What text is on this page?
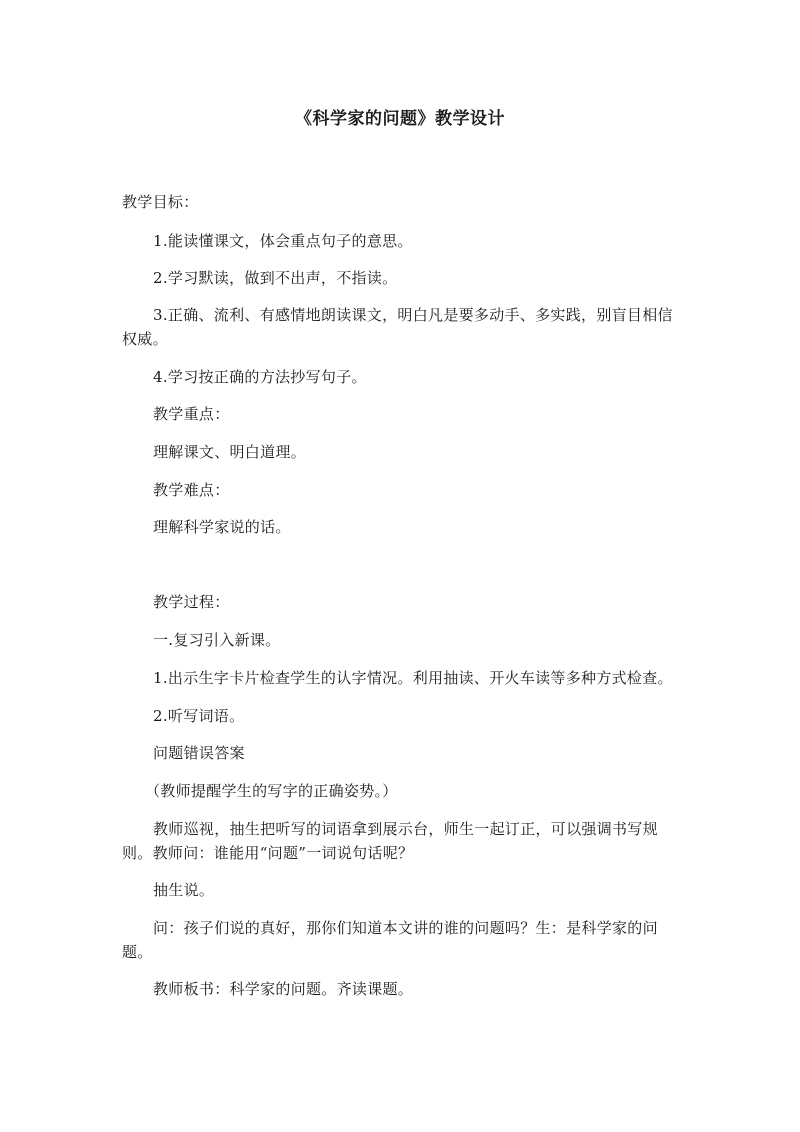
《科学家的问题》教学设计

教学目标：

1.能读懂课文，体会重点句子的意思。

2.学习默读，做到不出声，不指读。

3.正确、流利、有感情地朗读课文，明白凡是要多动手、多实践，别盲目相信权威。

4.学习按正确的方法抄写句子。

教学重点：

理解课文、明白道理。

教学难点：

理解科学家说的话。

教学过程：

一.复习引入新课。

1.出示生字卡片检查学生的认字情况。利用抽读、开火车读等多种方式检查。

2.听写词语。

问题错误答案

（教师提醒学生的写字的正确姿势。）

教师巡视，抽生把听写的词语拿到展示台，师生一起订正，可以强调书写规则。教师问：谁能用“问题”一词说句话呢？

抽生说。

问：孩子们说的真好，那你们知道本文讲的谁的问题吗？生：是科学家的问题。

教师板书：科学家的问题。齐读课题。
